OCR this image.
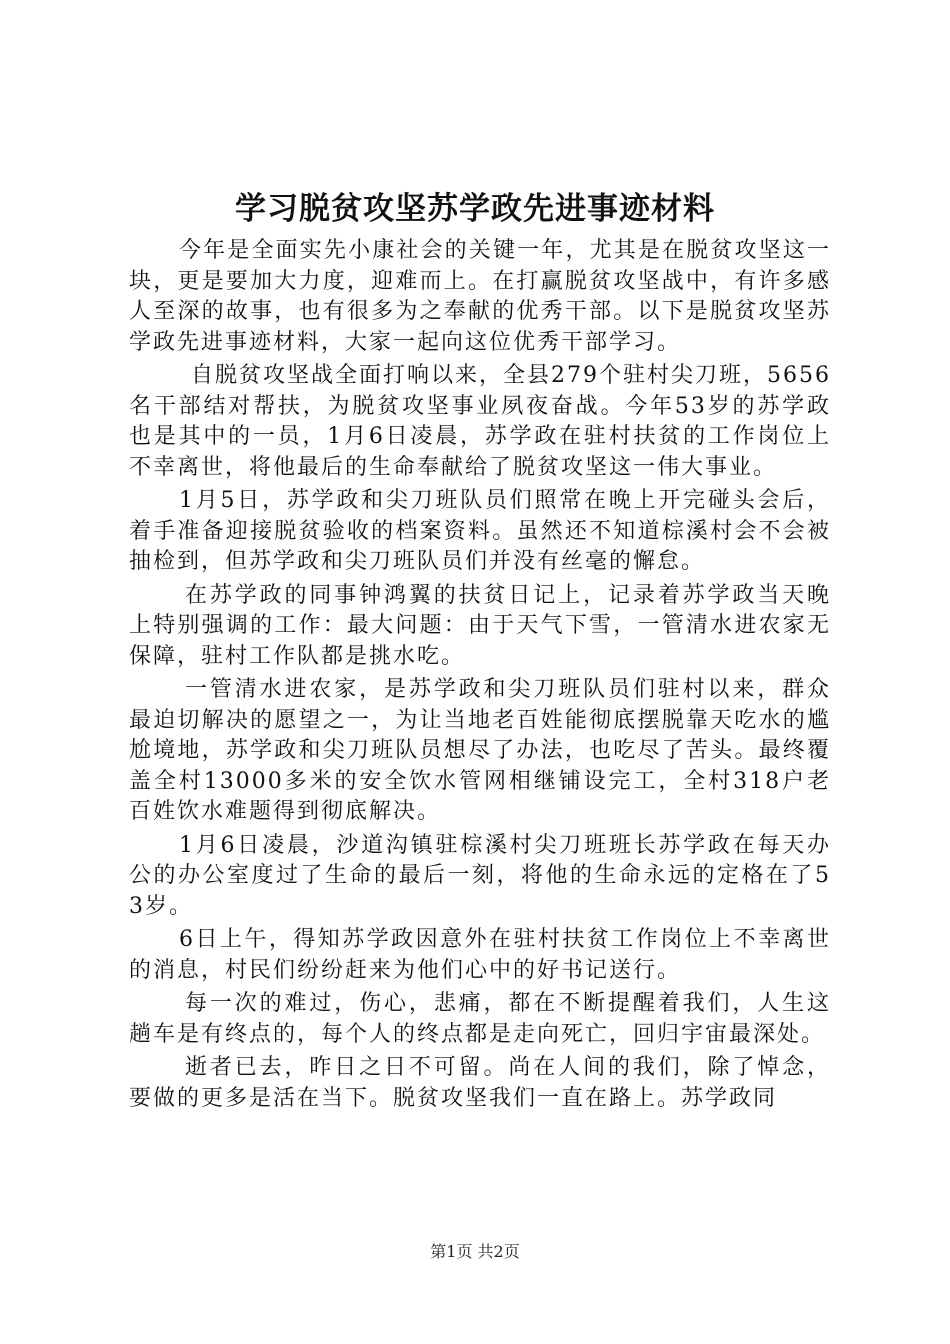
学习脱贫攻坚苏学政先进事迹材料

今年是全面实先小康社会的关键一年，尤其是在脱贫攻坚这一块，更是要加大力度，迎难而上。在打赢脱贫攻坚战中，有许多感人至深的故事，也有很多为之奉献的优秀干部。以下是脱贫攻坚苏学政先进事迹材料，大家一起向这位优秀干部学习。

自脱贫攻坚战全面打响以来，全县279个驻村尖刀班，5656名干部结对帮扶，为脱贫攻坚事业夙夜奋战。今年53岁的苏学政也是其中的一员，1月6日凌晨，苏学政在驻村扶贫的工作岗位上不幸离世，将他最后的生命奉献给了脱贫攻坚这一伟大事业。

1月5日，苏学政和尖刀班队员们照常在晚上开完碰头会后，着手准备迎接脱贫验收的档案资料。虽然还不知道棕溪村会不会被抽检到，但苏学政和尖刀班队员们并没有丝毫的懈怠。

在苏学政的同事钟鸿翼的扶贫日记上，记录着苏学政当天晚上特别强调的工作：最大问题：由于天气下雪，一管清水进农家无保障，驻村工作队都是挑水吃。

一管清水进农家，是苏学政和尖刀班队员们驻村以来，群众最迫切解决的愿望之一，为让当地老百姓能彻底摆脱靠天吃水的尴尬境地，苏学政和尖刀班队员想尽了办法，也吃尽了苦头。最终覆盖全村13000多米的安全饮水管网相继铺设完工，全村318户老百姓饮水难题得到彻底解决。

1月6日凌晨，沙道沟镇驻棕溪村尖刀班班长苏学政在每天办公的办公室度过了生命的最后一刻，将他的生命永远的定格在了53岁。

6日上午，得知苏学政因意外在驻村扶贫工作岗位上不幸离世的消息，村民们纷纷赶来为他们心中的好书记送行。

每一次的难过，伤心，悲痛，都在不断提醒着我们，人生这趟车是有终点的，每个人的终点都是走向死亡，回归宇宙最深处。

逝者已去，昨日之日不可留。尚在人间的我们，除了悼念，要做的更多是活在当下。脱贫攻坚我们一直在路上。苏学政同

第1页 共2页
